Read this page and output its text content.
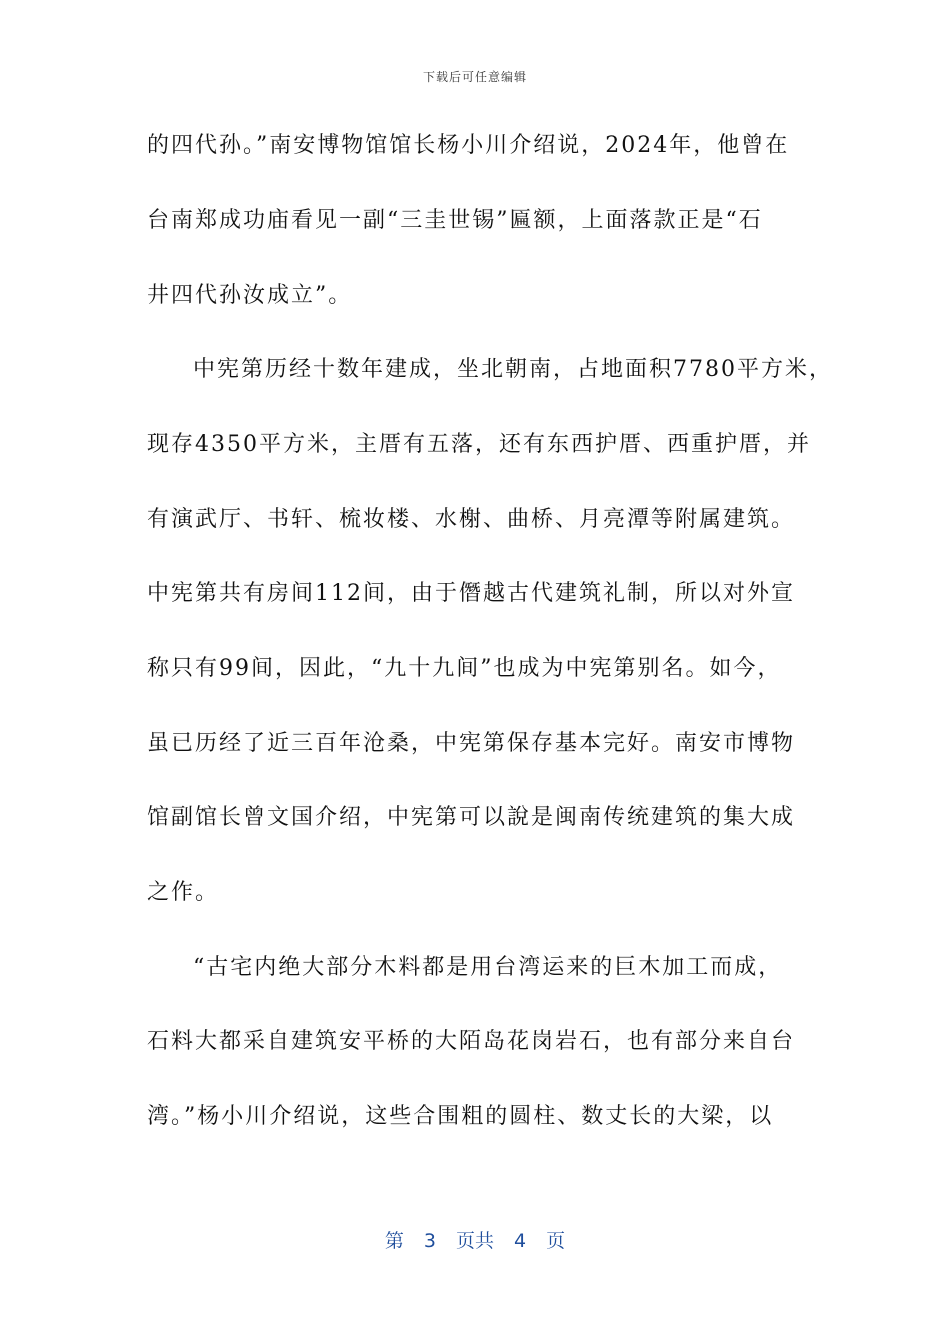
下载后可任意编辑
的四代孙。”南安博物馆馆长杨小川介绍说，2024年，他曾在
台南郑成功庙看见一副“三圭世锡”匾额，上面落款正是“石
井四代孙汝成立”。
中宪第历经十数年建成，坐北朝南，占地面积7780平方米，
现存4350平方米，主厝有五落，还有东西护厝、西重护厝，并
有演武厅、书轩、梳妆楼、水榭、曲桥、月亮潭等附属建筑。
中宪第共有房间112间，由于僭越古代建筑礼制，所以对外宣
称只有99间，因此，“九十九间”也成为中宪第别名。如今，
虽已历经了近三百年沧桑，中宪第保存基本完好。南安市博物
馆副馆长曾文国介绍，中宪第可以說是闽南传统建筑的集大成
之作。
“古宅内绝大部分木料都是用台湾运来的巨木加工而成，
石料大都采自建筑安平桥的大陌岛花岗岩石，也有部分来自台
湾。”杨小川介绍说，这些合围粗的圆柱、数丈长的大梁，以
第 3 页共 4 页
